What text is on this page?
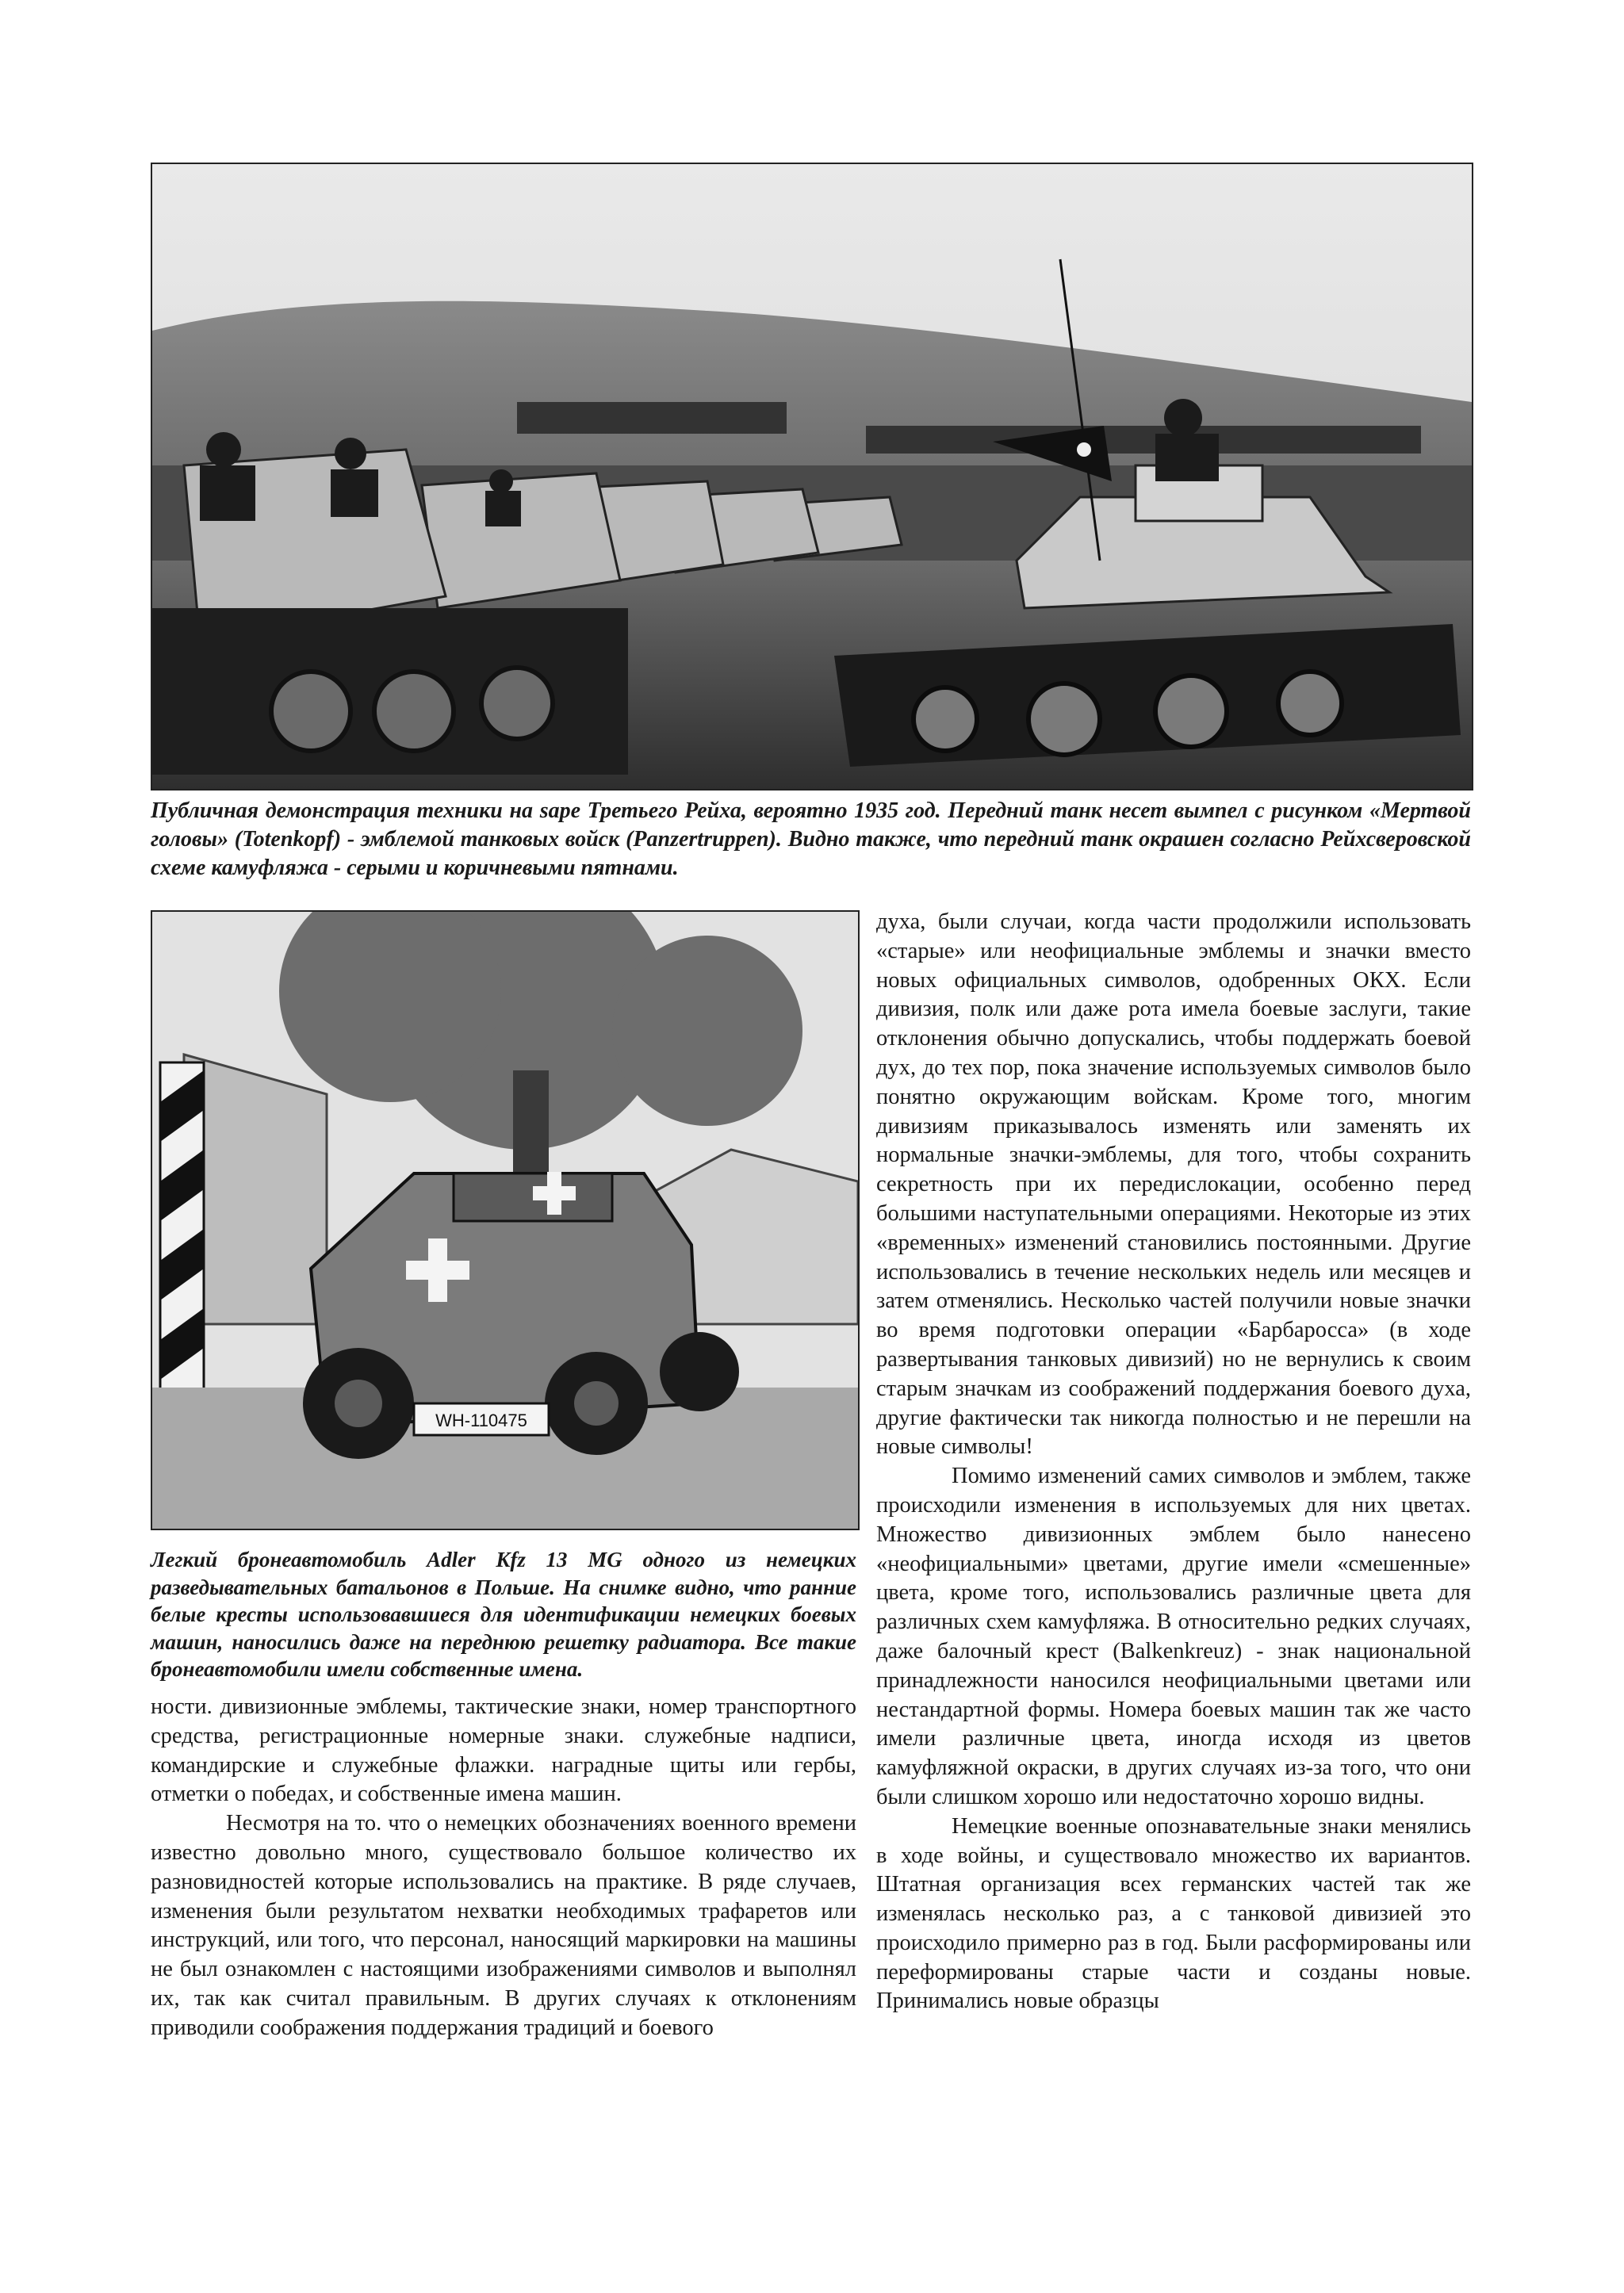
Публичная демонстрация техники на sape Третьего Рейха, вероятно 1935 год. Передний танк несет вымпел с рисунком «Мертвой головы» (Totenkopf) - эмблемой танковых войск (Panzertruppen). Видно также, что передний танк окрашен согласно Рейхсверовской схеме камуфляжа - серыми и коричневыми пятнами.

WH-110475

Легкий бронеавтомобиль Adler Kfz 13 MG одного из немецких разведывательных батальонов в Польше. На снимке видно, что ранние белые кресты использовавшиеся для идентификации немецких боевых машин, наносились даже на переднюю решетку радиатора. Все такие бронеавтомобили имели собственные имена.

ности. дивизионные эмблемы, тактические знаки, номер транспортного средства, регистрационные номерные знаки. служебные надписи, командирские и служебные флажки. наградные щиты или гербы, отметки о победах, и собственные имена машин.

Несмотря на то. что о немецких обозначениях военного времени известно довольно много, существовало большое количество их разновидностей которые использовались на практике. В ряде случаев, изменения были результатом нехватки необходимых трафаретов или инструкций, или того, что персонал, наносящий маркировки на машины не был ознакомлен с настоящими изображениями символов и выполнял их, так как считал правильным. В других случаях к отклонениям приводили соображения поддержания традиций и боевого

духа, были случаи, когда части продолжили использовать «старые» или неофициальные эмблемы и значки вместо новых официальных символов, одобренных ОКХ. Если дивизия, полк или даже рота имела боевые заслуги, такие отклонения обычно допускались, чтобы поддержать боевой дух, до тех пор, пока значение используемых символов было понятно окружающим войскам. Кроме того, многим дивизиям приказывалось изменять или заменять их нормальные значки-эмблемы, для того, чтобы сохранить секретность при их передислокации, особенно перед большими наступательными операциями. Некоторые из этих «временных» изменений становились постоянными. Другие использовались в течение нескольких недель или месяцев и затем отменялись. Несколько частей получили новые значки во время подготовки операции «Барбаросса» (в ходе развертывания танковых дивизий) но не вернулись к своим старым значкам из соображений поддержания боевого духа, другие фактически так никогда полностью и не перешли на новые символы!

Помимо изменений самих символов и эмблем, также происходили изменения в используемых для них цветах. Множество дивизионных эмблем было нанесено «неофициальными» цветами, другие имели «смешенные» цвета, кроме того, использовались различные цвета для различных схем камуфляжа. В относительно редких случаях, даже балочный крест (Balkenkreuz) - знак национальной принадлежности наносился неофициальными цветами или нестандартной формы. Номера боевых машин так же часто имели различные цвета, иногда исходя из цветов камуфляжной окраски, в других случаях из-за того, что они были слишком хорошо или недостаточно хорошо видны.

Немецкие военные опознавательные знаки менялись в ходе войны, и существовало множество их вариантов. Штатная организация всех германских частей так же изменялась несколько раз, а с танковой дивизией это происходило примерно раз в год. Были расформированы или переформированы старые части и созданы новые. Принимались новые образцы
